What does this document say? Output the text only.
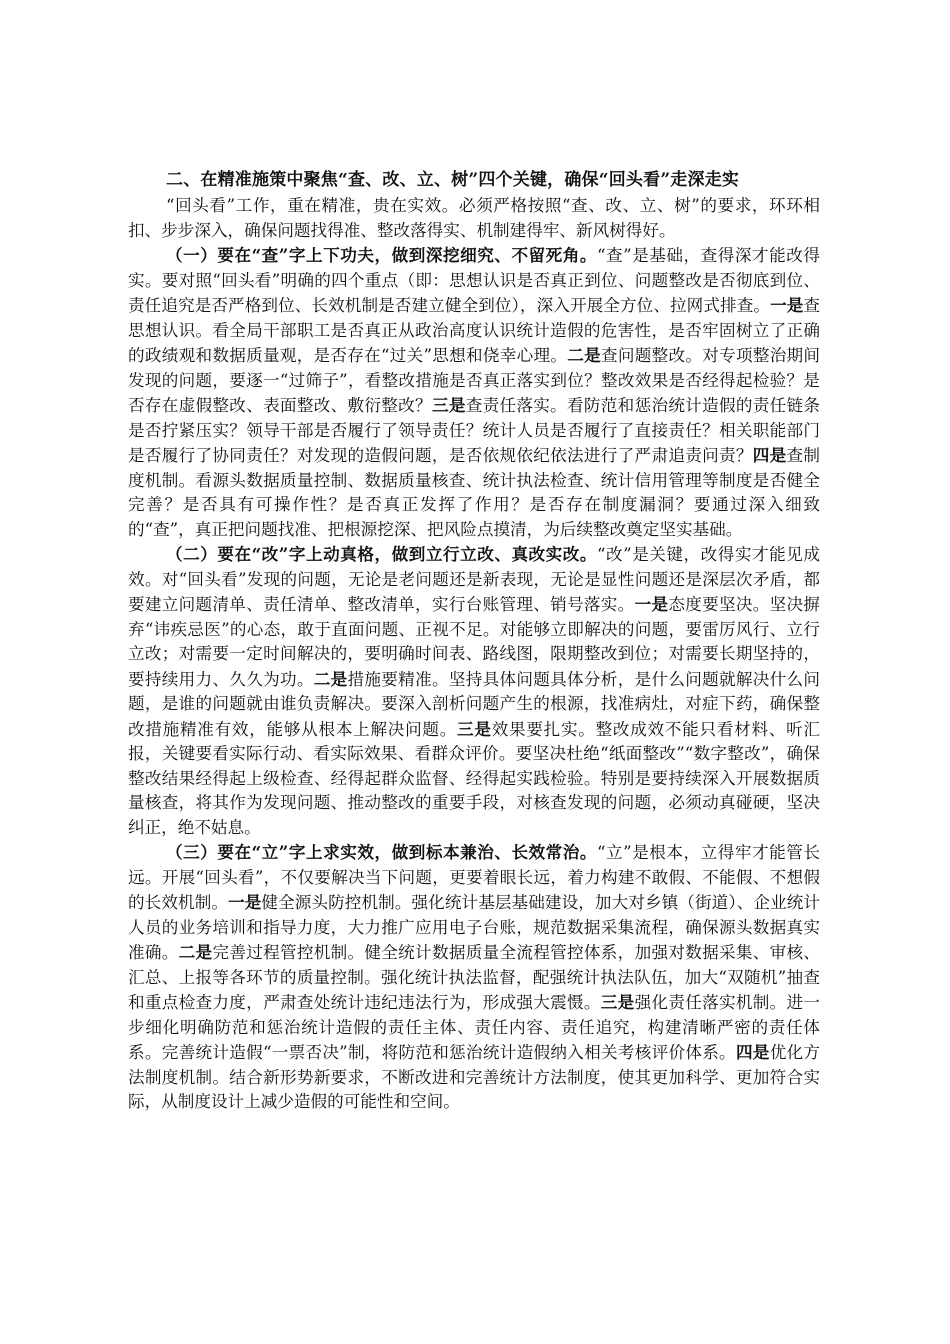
二、在精准施策中聚焦“查、改、立、树”四个关键，确保“回头看”走深走实

“回头看”工作，重在精准，贵在实效。必须严格按照“查、改、立、树”的要求，环环相扣、步步深入，确保问题找得准、整改落得实、机制建得牢、新风树得好。

（一）要在“查”字上下功夫，做到深挖细究、不留死角。“查”是基础，查得深才能改得实。要对照“回头看”明确的四个重点（即：思想认识是否真正到位、问题整改是否彻底到位、责任追究是否严格到位、长效机制是否建立健全到位），深入开展全方位、拉网式排查。一是查思想认识。看全局干部职工是否真正从政治高度认识统计造假的危害性，是否牢固树立了正确的政绩观和数据质量观，是否存在“过关”思想和侥幸心理。二是查问题整改。对专项整治期间发现的问题，要逐一“过筛子”，看整改措施是否真正落实到位？整改效果是否经得起检验？是否存在虚假整改、表面整改、敷衍整改？三是查责任落实。看防范和惩治统计造假的责任链条是否拧紧压实？领导干部是否履行了领导责任？统计人员是否履行了直接责任？相关职能部门是否履行了协同责任？对发现的造假问题，是否依规依纪依法进行了严肃追责问责？四是查制度机制。看源头数据质量控制、数据质量核查、统计执法检查、统计信用管理等制度是否健全完善？是否具有可操作性？是否真正发挥了作用？是否存在制度漏洞？要通过深入细致的“查”，真正把问题找准、把根源挖深、把风险点摸清，为后续整改奠定坚实基础。

（二）要在“改”字上动真格，做到立行立改、真改实改。“改”是关键，改得实才能见成效。对“回头看”发现的问题，无论是老问题还是新表现，无论是显性问题还是深层次矛盾，都要建立问题清单、责任清单、整改清单，实行台账管理、销号落实。一是态度要坚决。坚决摒弃“讳疾忌医”的心态，敢于直面问题、正视不足。对能够立即解决的问题，要雷厉风行、立行立改；对需要一定时间解决的，要明确时间表、路线图，限期整改到位；对需要长期坚持的，要持续用力、久久为功。二是措施要精准。坚持具体问题具体分析，是什么问题就解决什么问题，是谁的问题就由谁负责解决。要深入剖析问题产生的根源，找准病灶，对症下药，确保整改措施精准有效，能够从根本上解决问题。三是效果要扎实。整改成效不能只看材料、听汇报，关键要看实际行动、看实际效果、看群众评价。要坚决杜绝“纸面整改”“数字整改”，确保整改结果经得起上级检查、经得起群众监督、经得起实践检验。特别是要持续深入开展数据质量核查，将其作为发现问题、推动整改的重要手段，对核查发现的问题，必须动真碰硬，坚决纠正，绝不姑息。

（三）要在“立”字上求实效，做到标本兼治、长效常治。“立”是根本，立得牢才能管长远。开展“回头看”，不仅要解决当下问题，更要着眼长远，着力构建不敢假、不能假、不想假的长效机制。一是健全源头防控机制。强化统计基层基础建设，加大对乡镇（街道）、企业统计人员的业务培训和指导力度，大力推广应用电子台账，规范数据采集流程，确保源头数据真实准确。二是完善过程管控机制。健全统计数据质量全流程管控体系，加强对数据采集、审核、汇总、上报等各环节的质量控制。强化统计执法监督，配强统计执法队伍，加大“双随机”抽查和重点检查力度，严肃查处统计违纪违法行为，形成强大震慑。三是强化责任落实机制。进一步细化明确防范和惩治统计造假的责任主体、责任内容、责任追究，构建清晰严密的责任体系。完善统计造假“一票否决”制，将防范和惩治统计造假纳入相关考核评价体系。四是优化方法制度机制。结合新形势新要求，不断改进和完善统计方法制度，使其更加科学、更加符合实际，从制度设计上减少造假的可能性和空间。
